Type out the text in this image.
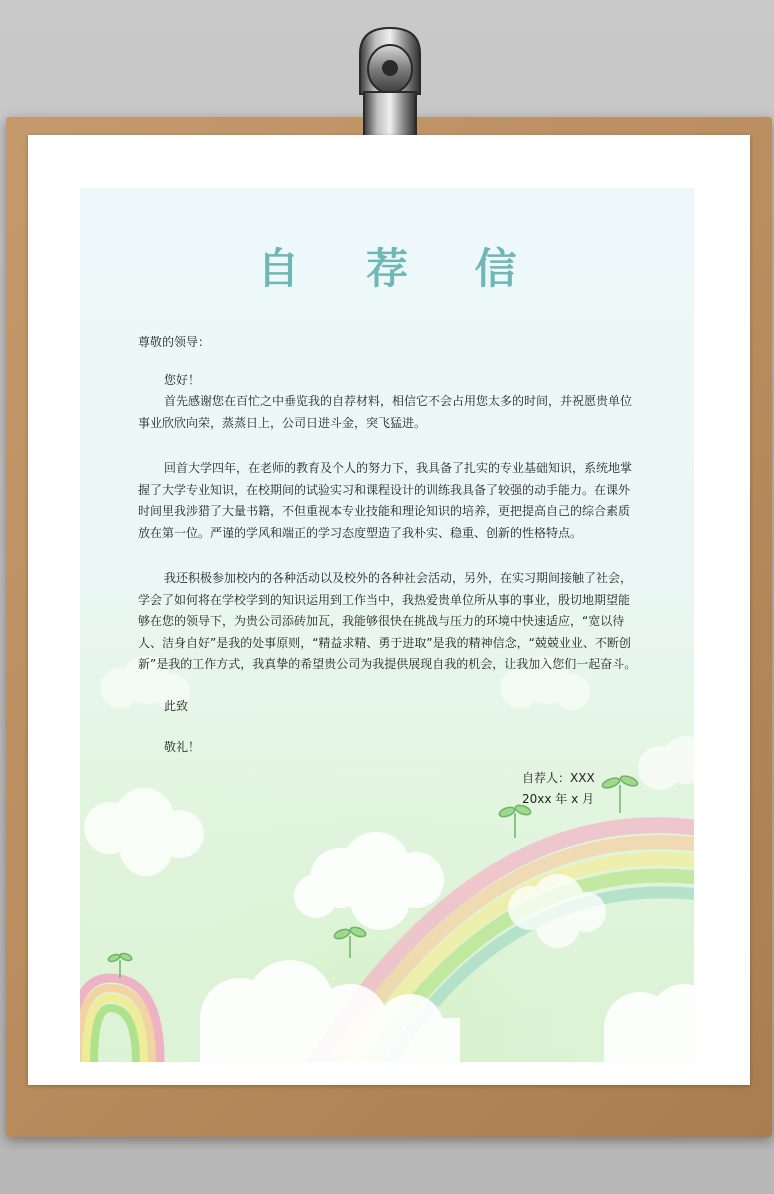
自 荐 信

尊敬的领导：

您好！

首先感谢您在百忙之中垂览我的自荐材料，相信它不会占用您太多的时间，并祝愿贵单位事业欣欣向荣，蒸蒸日上，公司日进斗金，突飞猛进。

回首大学四年，在老师的教育及个人的努力下，我具备了扎实的专业基础知识，系统地掌握了大学专业知识，在校期间的试验实习和课程设计的训练我具备了较强的动手能力。在课外时间里我涉猎了大量书籍，不但重视本专业技能和理论知识的培养，更把提高自己的综合素质放在第一位。严谨的学风和端正的学习态度塑造了我朴实、稳重、创新的性格特点。

我还积极参加校内的各种活动以及校外的各种社会活动，另外，在实习期间接触了社会，学会了如何将在学校学到的知识运用到工作当中，我热爱贵单位所从事的事业，殷切地期望能够在您的领导下，为贵公司添砖加瓦，我能够很快在挑战与压力的环境中快速适应，“宽以待人、洁身自好”是我的处事原则，“精益求精、勇于进取”是我的精神信念，“兢兢业业、不断创新”是我的工作方式，我真挚的希望贵公司为我提供展现自我的机会，让我加入您们一起奋斗。

此致

敬礼！

自荐人：XXX
20xx 年 x 月
